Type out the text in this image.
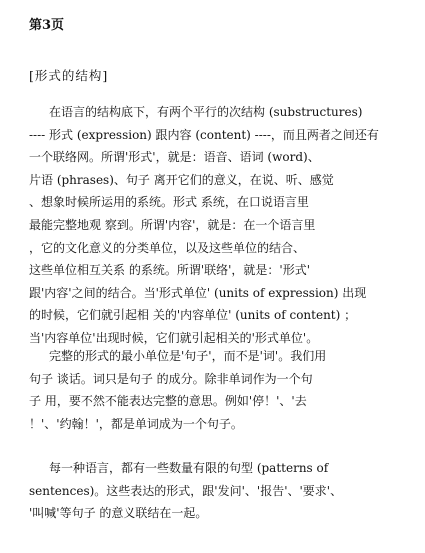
第3页
[形式的结构]
在语言的结构底下，有两个平行的次结构 (substructures)
---- 形式 (expression) 跟内容 (content) ----，而且两者之间还有
一个联络网。所谓'形式'，就是：语音、语词 (word)、
片语 (phrases)、句子 离开它们的意义，在说、听、感觉
、想象时候所运用的系统。形式 系统，在口说语言里
最能完整地观 察到。所谓'内容'，就是：在一个语言里
，它的文化意义的分类单位，以及这些单位的结合、
这些单位相互关系 的系统。所谓'联络'，就是：'形式'
跟'内容'之间的结合。当'形式单位' (units of expression) 出现
的时候，它们就引起相 关的'内容单位' (units of content) ；
当'内容单位'出现时候，它们就引起相关的'形式单位'。
完整的形式的最小单位是'句子'，而不是'词'。我们用
句子 谈话。词只是句子 的成分。除非单词作为一个句
子 用，要不然不能表达完整的意思。例如'停！'、'去
！'、'约翰！'，都是单词成为一个句子。
每一种语言，都有一些数量有限的句型 (patterns of
sentences)。这些表达的形式，跟'发问'、'报告'、'要求'、
'叫喊'等句子 的意义联结在一起。
